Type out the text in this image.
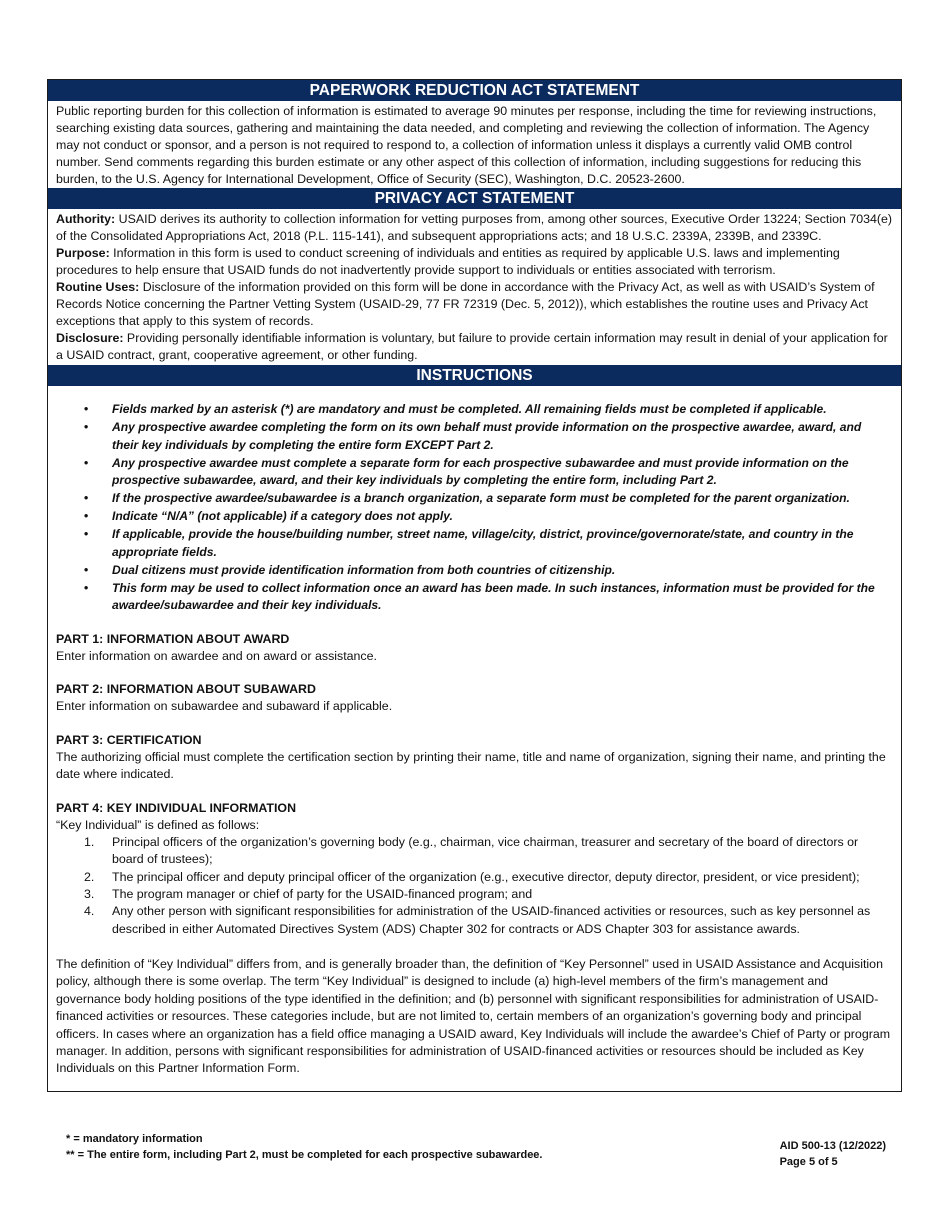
PAPERWORK REDUCTION ACT STATEMENT

Public reporting burden for this collection of information is estimated to average 90 minutes per response, including the time for reviewing instructions, searching existing data sources, gathering and maintaining the data needed, and completing and reviewing the collection of information. The Agency may not conduct or sponsor, and a person is not required to respond to, a collection of information unless it displays a currently valid OMB control number. Send comments regarding this burden estimate or any other aspect of this collection of information, including suggestions for reducing this burden, to the U.S. Agency for International Development, Office of Security (SEC), Washington, D.C. 20523-2600.

PRIVACY ACT STATEMENT

Authority: USAID derives its authority to collection information for vetting purposes from, among other sources, Executive Order 13224; Section 7034(e) of the Consolidated Appropriations Act, 2018 (P.L. 115-141), and subsequent appropriations acts; and 18 U.S.C. 2339A, 2339B, and 2339C.

Purpose: Information in this form is used to conduct screening of individuals and entities as required by applicable U.S. laws and implementing procedures to help ensure that USAID funds do not inadvertently provide support to individuals or entities associated with terrorism.

Routine Uses: Disclosure of the information provided on this form will be done in accordance with the Privacy Act, as well as with USAID’s System of Records Notice concerning the Partner Vetting System (USAID-29, 77 FR 72319 (Dec. 5, 2012)), which establishes the routine uses and Privacy Act exceptions that apply to this system of records.

Disclosure: Providing personally identifiable information is voluntary, but failure to provide certain information may result in denial of your application for a USAID contract, grant, cooperative agreement, or other funding.

INSTRUCTIONS
• Fields marked by an asterisk (*) are mandatory and must be completed. All remaining fields must be completed if applicable.
• Any prospective awardee completing the form on its own behalf must provide information on the prospective awardee, award, and their key individuals by completing the entire form EXCEPT Part 2.
• Any prospective awardee must complete a separate form for each prospective subawardee and must provide information on the prospective subawardee, award, and their key individuals by completing the entire form, including Part 2.
• If the prospective awardee/subawardee is a branch organization, a separate form must be completed for the parent organization.
• Indicate “N/A” (not applicable) if a category does not apply.
• If applicable, provide the house/building number, street name, village/city, district, province/governorate/state, and country in the appropriate fields.
• Dual citizens must provide identification information from both countries of citizenship.
• This form may be used to collect information once an award has been made. In such instances, information must be provided for the awardee/subawardee and their key individuals.
PART 1: INFORMATION ABOUT AWARD
Enter information on awardee and on award or assistance.
PART 2: INFORMATION ABOUT SUBAWARD
Enter information on subawardee and subaward if applicable.
PART 3: CERTIFICATION
The authorizing official must complete the certification section by printing their name, title and name of organization, signing their name, and printing the date where indicated.
PART 4: KEY INDIVIDUAL INFORMATION
“Key Individual” is defined as follows:
1. Principal officers of the organization’s governing body (e.g., chairman, vice chairman, treasurer and secretary of the board of directors or board of trustees);
2. The principal officer and deputy principal officer of the organization (e.g., executive director, deputy director, president, or vice president);
3. The program manager or chief of party for the USAID-financed program; and
4. Any other person with significant responsibilities for administration of the USAID-financed activities or resources, such as key personnel as described in either Automated Directives System (ADS) Chapter 302 for contracts or ADS Chapter 303 for assistance awards.
The definition of “Key Individual” differs from, and is generally broader than, the definition of “Key Personnel” used in USAID Assistance and Acquisition policy, although there is some overlap. The term “Key Individual” is designed to include (a) high-level members of the firm’s management and governance body holding positions of the type identified in the definition; and (b) personnel with significant responsibilities for administration of USAID-financed activities or resources. These categories include, but are not limited to, certain members of an organization’s governing body and principal officers. In cases where an organization has a field office managing a USAID award, Key Individuals will include the awardee’s Chief of Party or program manager. In addition, persons with significant responsibilities for administration of USAID-financed activities or resources should be included as Key Individuals on this Partner Information Form.
* = mandatory information
** = The entire form, including Part 2, must be completed for each prospective subawardee.
AID 500-13 (12/2022)
Page 5 of 5
